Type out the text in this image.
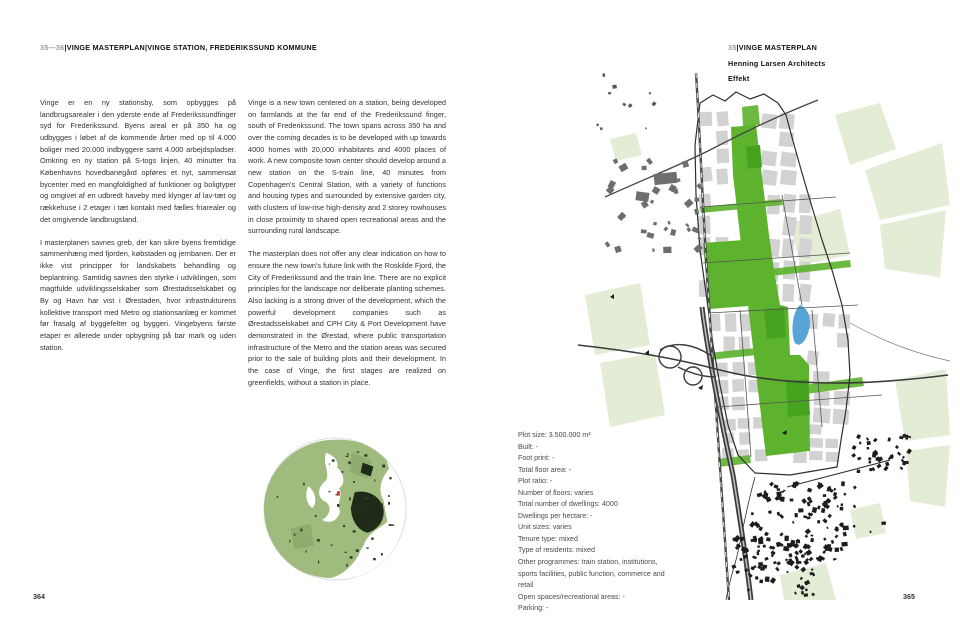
35—36|VINGE MASTERPLAN|VINGE STATION, FREDERIKSSUND KOMMUNE

Vinge er en ny stationsby, som opbygges på landbrugsarealer i den yderste ende af Frederikssundfinger syd for Frederikssund. Byens areal er på 350 ha og udbygges i løbet af de kommende årtier med op til 4.000 boliger med 20.000 indbyggere samt 4.000 arbejdspladser. Omkring en ny station på S-togs linjen, 40 minutter fra Københavns hovedbanegård opføres et nyt, sammensat bycenter med en mangfoldighed af funktioner og boligtyper og omgivet af en udbredt haveby med klynger af lav-tæt og rækkehuse i 2 etager i tæt kontakt med fælles friarealer og det omgivende landbrugsland.

I masterplanen savnes greb, der kan sikre byens fremtidige sammenhæng med fjorden, købstaden og jernbanen. Der er ikke vist principper for landskabets behandling og beplantning. Samtidig savnes den styrke i udviklingen, som magtfulde udviklingsselskaber som Ørestadsselskabet og By og Havn har vist i Ørestaden, hvor infrastrukturens kollektive transport med Metro og stationsanlæg er kommet før frasalg af byggefelter og byggeri. Vingebyens første etaper er allerede under opbygning på bar mark og uden station.

Vinge is a new town centered on a station, being developed on farmlands at the far end of the Frederikssund finger, south of Frederikssund. The town spans across 350 ha and over the coming decades is to be developed with up towards 4000 homes with 20,000 inhabitants and 4000 places of work. A new composite town center should develop around a new station on the S-train line, 40 minutes from Copenhagen's Central Station, with a variety of functions and housing types and surrounded by extensive garden city, with clusters of low-rise high-density and 2 storey rowhouses in close proximity to shared open recreational areas and the surrounding rural landscape.

The masterplan does not offer any clear indication on how to ensure the new town's future link with the Roskilde Fjord, the City of Frederikssund and the train line. There are no explicit principles for the landscape nor deliberate planting schemes. Also lacking is a strong driver of the development, which the powerful development companies such as Ørestadsselskabet and CPH City & Port Development have demonstrated in the Ørestad, where public transportation infrastructure of the Metro and the station areas was secured prior to the sale of building plots and their development. In the case of Vinge, the first stages are realized on greenfields, without a station in place.

364
35|VINGE MASTERPLAN
Henning Larsen Architects
Effekt
Plot size: 3.500.000 m²
Built: -
Foot print: -
Total floor area: -
Plot ratio: -
Number of floors: varies
Total number of dwellings: 4000
Dwellings per hectare: -
Unit sizes: varies
Tenure type: mixed
Type of residents: mixed
Other programmes: train station, institutions, sports facilities, public function, commerce and retail
Open spaces/recreational areas: -
Parking: -
365
